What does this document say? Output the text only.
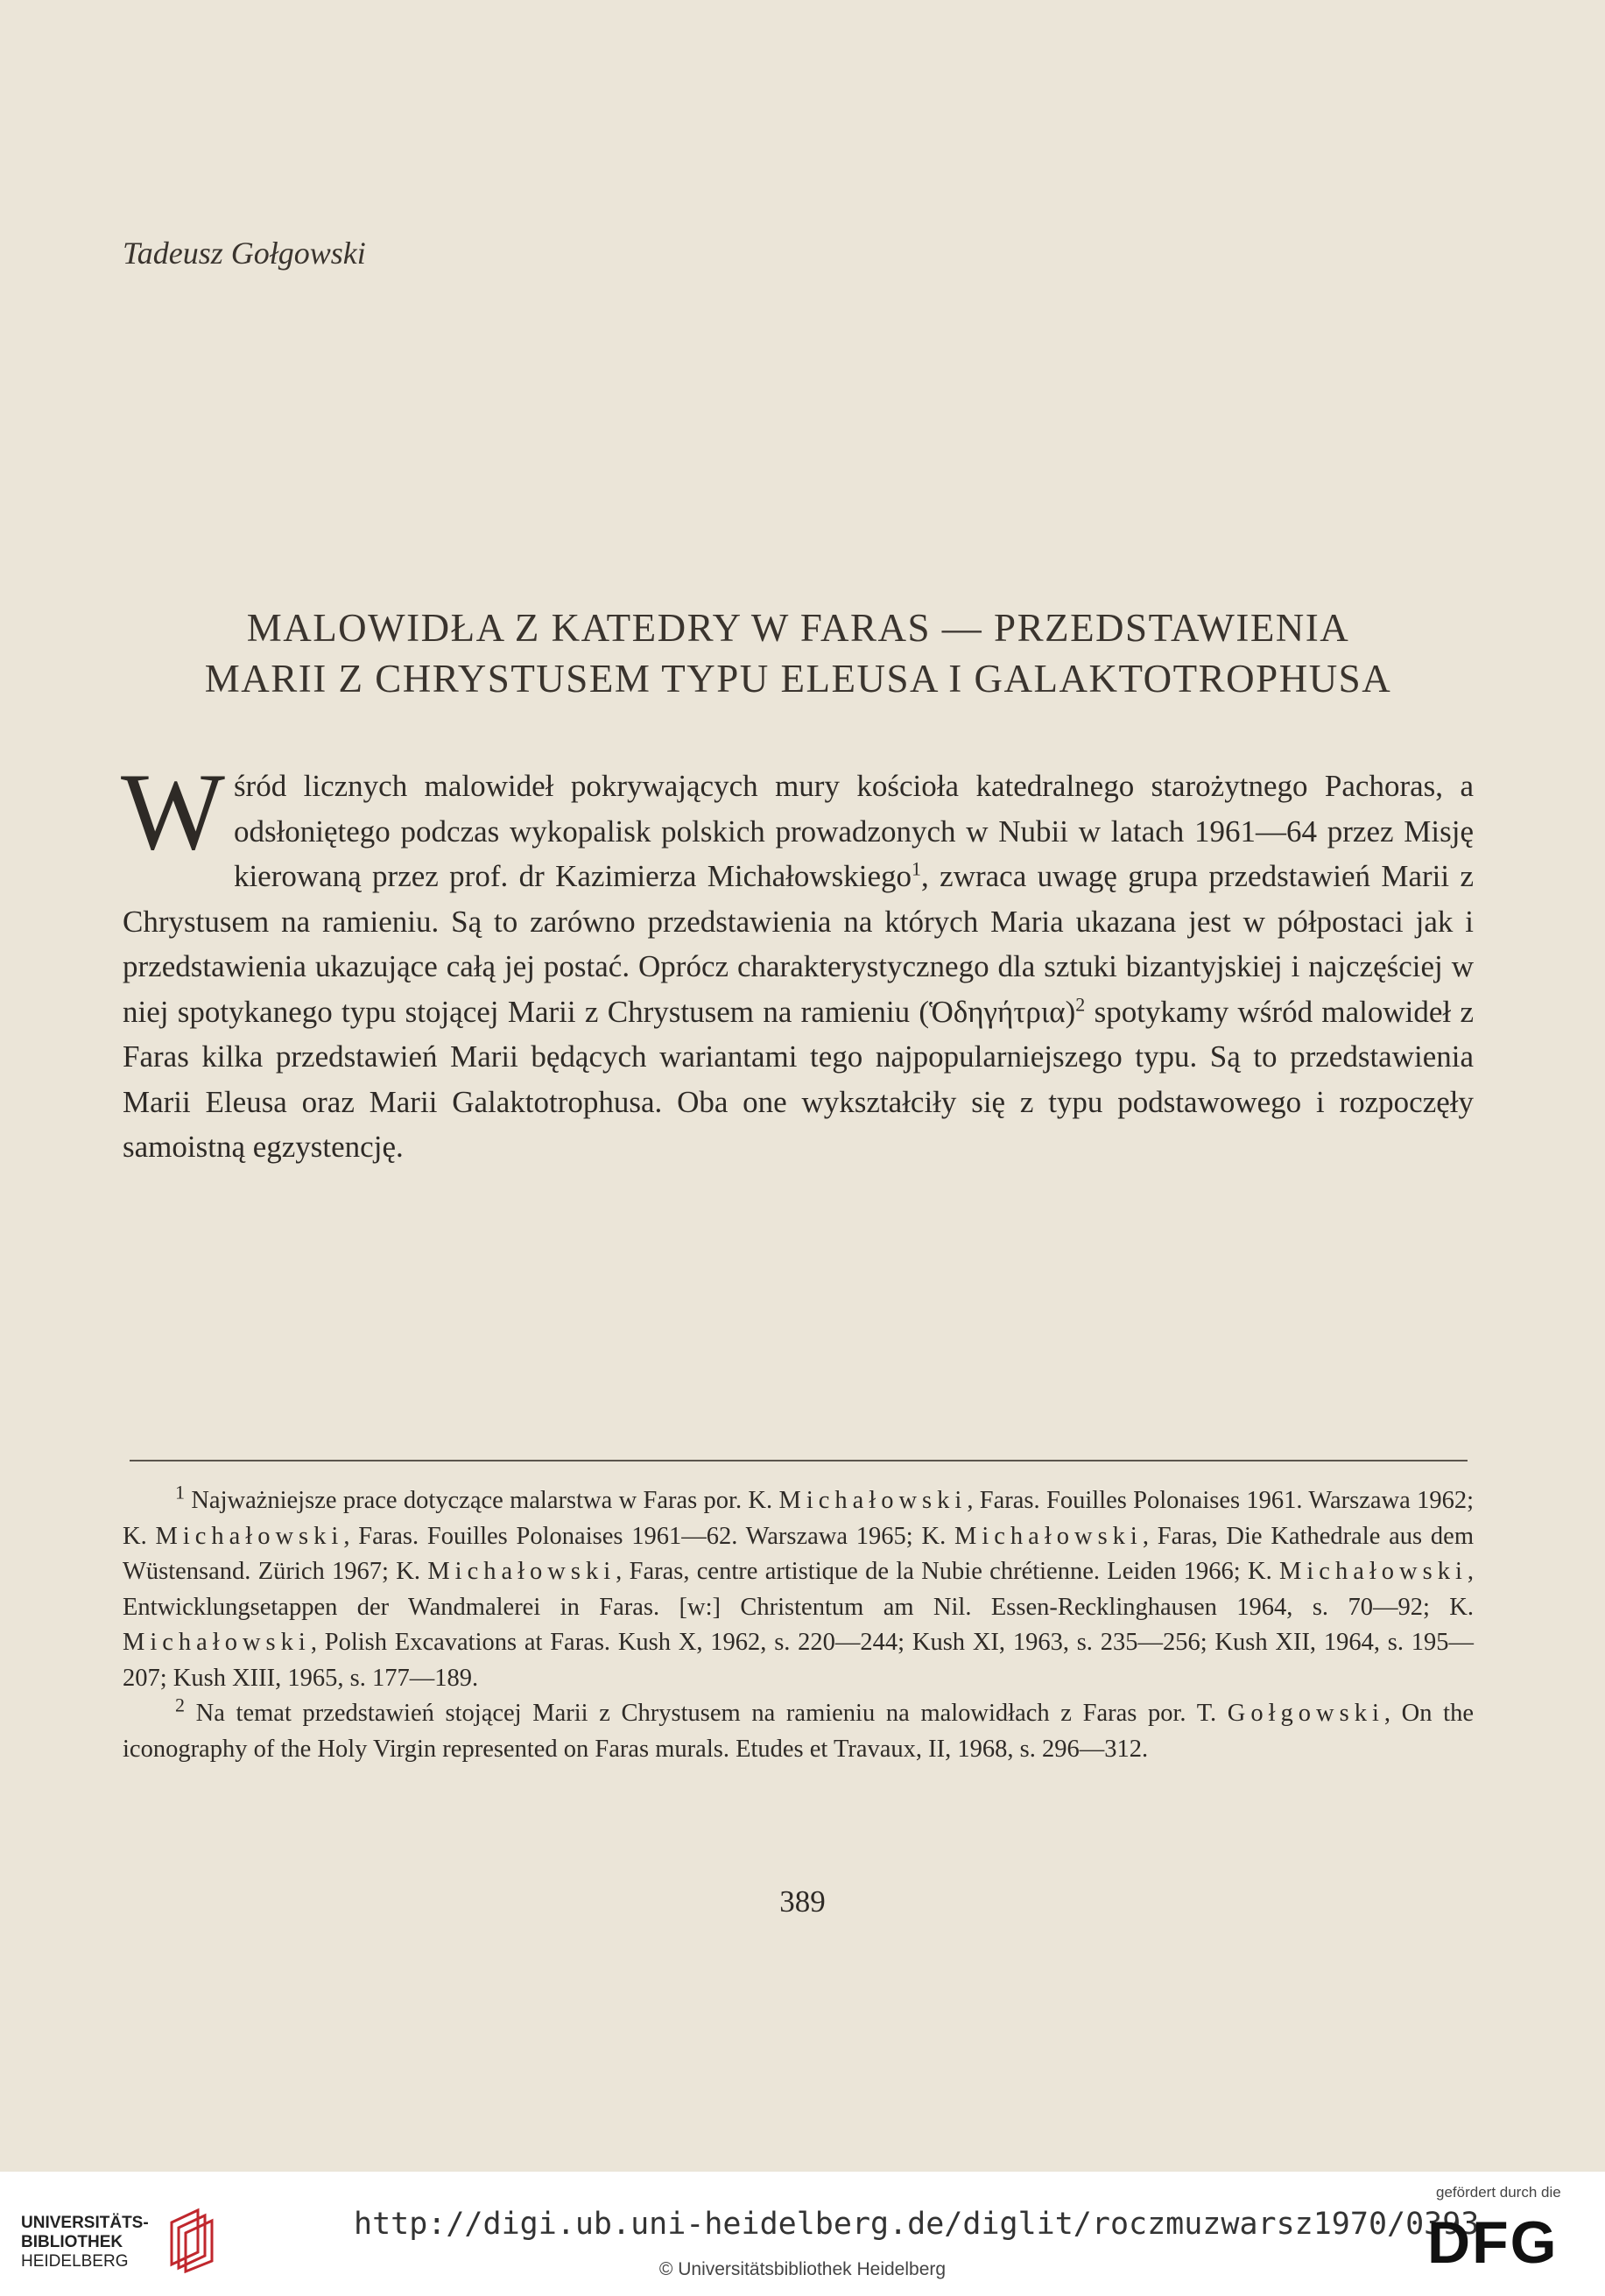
Tadeusz Gołgowski
MALOWIDŁA Z KATEDRY W FARAS — PRZEDSTAWIENIA
MARII Z CHRYSTUSEM TYPU ELEUSA I GALAKTOTROPHUSA
Wśród licznych malowideł pokrywających mury kościoła katedralnego starożytnego Pachoras, a odsłoniętego podczas wykopalisk polskich prowadzonych w Nubii w latach 1961—64 przez Misję kierowaną przez prof. dr Kazimierza Michałowskiego$^1$, zwraca uwagę grupa przedstawień Marii z Chrystusem na ramieniu. Są to zarówno przedstawienia na których Maria ukazana jest w półpostaci jak i przedstawienia ukazujące całą jej postać. Oprócz charakterystycznego dla sztuki bizantyjskiej i najczęściej w niej spotykanego typu stojącej Marii z Chrystusem na ramieniu (Ὁδηγήτρια)$^2$ spotykamy wśród malowideł z Faras kilka przedstawień Marii będących wariantami tego najpopularniejszego typu. Są to przedstawienia Marii Eleusa oraz Marii Galaktotrophusa. Oba one wykształciły się z typu podstawowego i rozpoczęły samoistną egzystencję.

$^1$ Najważniejsze prace dotyczące malarstwa w Faras por. K. Michałowski, Faras. Fouilles Polonaises 1961. Warszawa 1962; K. Michałowski, Faras. Fouilles Polonaises 1961—62. Warszawa 1965; K. Michałowski, Faras, Die Kathedrale aus dem Wüstensand. Zürich 1967; K. Michałowski, Faras, centre artistique de la Nubie chrétienne. Leiden 1966; K. Michałowski, Entwicklungsetappen der Wandmalerei in Faras. [w:] Christentum am Nil. Essen-Recklinghausen 1964, s. 70—92; K. Michałowski, Polish Excavations at Faras. Kush X, 1962, s. 220—244; Kush XI, 1963, s. 235—256; Kush XII, 1964, s. 195—207; Kush XIII, 1965, s. 177—189.

$^2$ Na temat przedstawień stojącej Marii z Chrystusem na ramieniu na malowidłach z Faras por. T. Gołgowski, On the iconography of the Holy Virgin represented on Faras murals. Etudes et Travaux, II, 1968, s. 296—312.

389
UNIVERSITÄTS-
BIBLIOTHEK
HEIDELBERG
http://digi.ub.uni-heidelberg.de/diglit/roczmuzwarsz1970/0393
© Universitätsbibliothek Heidelberg
gefördert durch die
DFG
